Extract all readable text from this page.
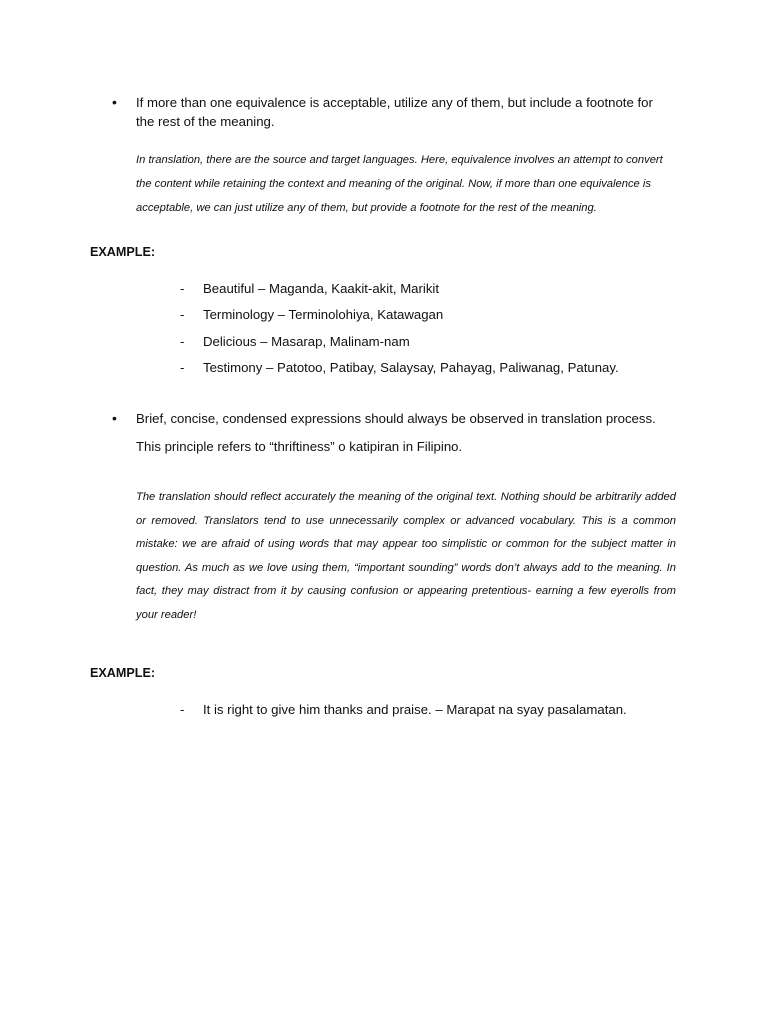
• If more than one equivalence is acceptable, utilize any of them, but include a footnote for the rest of the meaning.
In translation, there are the source and target languages. Here, equivalence involves an attempt to convert the content while retaining the context and meaning of the original. Now, if more than one equivalence is acceptable, we can just utilize any of them, but provide a footnote for the rest of the meaning.
EXAMPLE:
- Beautiful – Maganda, Kaakit-akit, Marikit
- Terminology – Terminolohiya, Katawagan
- Delicious – Masarap, Malinam-nam
- Testimony – Patotoo, Patibay, Salaysay, Pahayag, Paliwanag, Patunay.
• Brief, concise, condensed expressions should always be observed in translation process. This principle refers to “thriftiness” o katipiran in Filipino.
The translation should reflect accurately the meaning of the original text. Nothing should be arbitrarily added or removed. Translators tend to use unnecessarily complex or advanced vocabulary. This is a common mistake: we are afraid of using words that may appear too simplistic or common for the subject matter in question. As much as we love using them, “important sounding” words don’t always add to the meaning. In fact, they may distract from it by causing confusion or appearing pretentious- earning a few eyerolls from your reader!
EXAMPLE:
- It is right to give him thanks and praise. – Marapat na syay pasalamatan.
